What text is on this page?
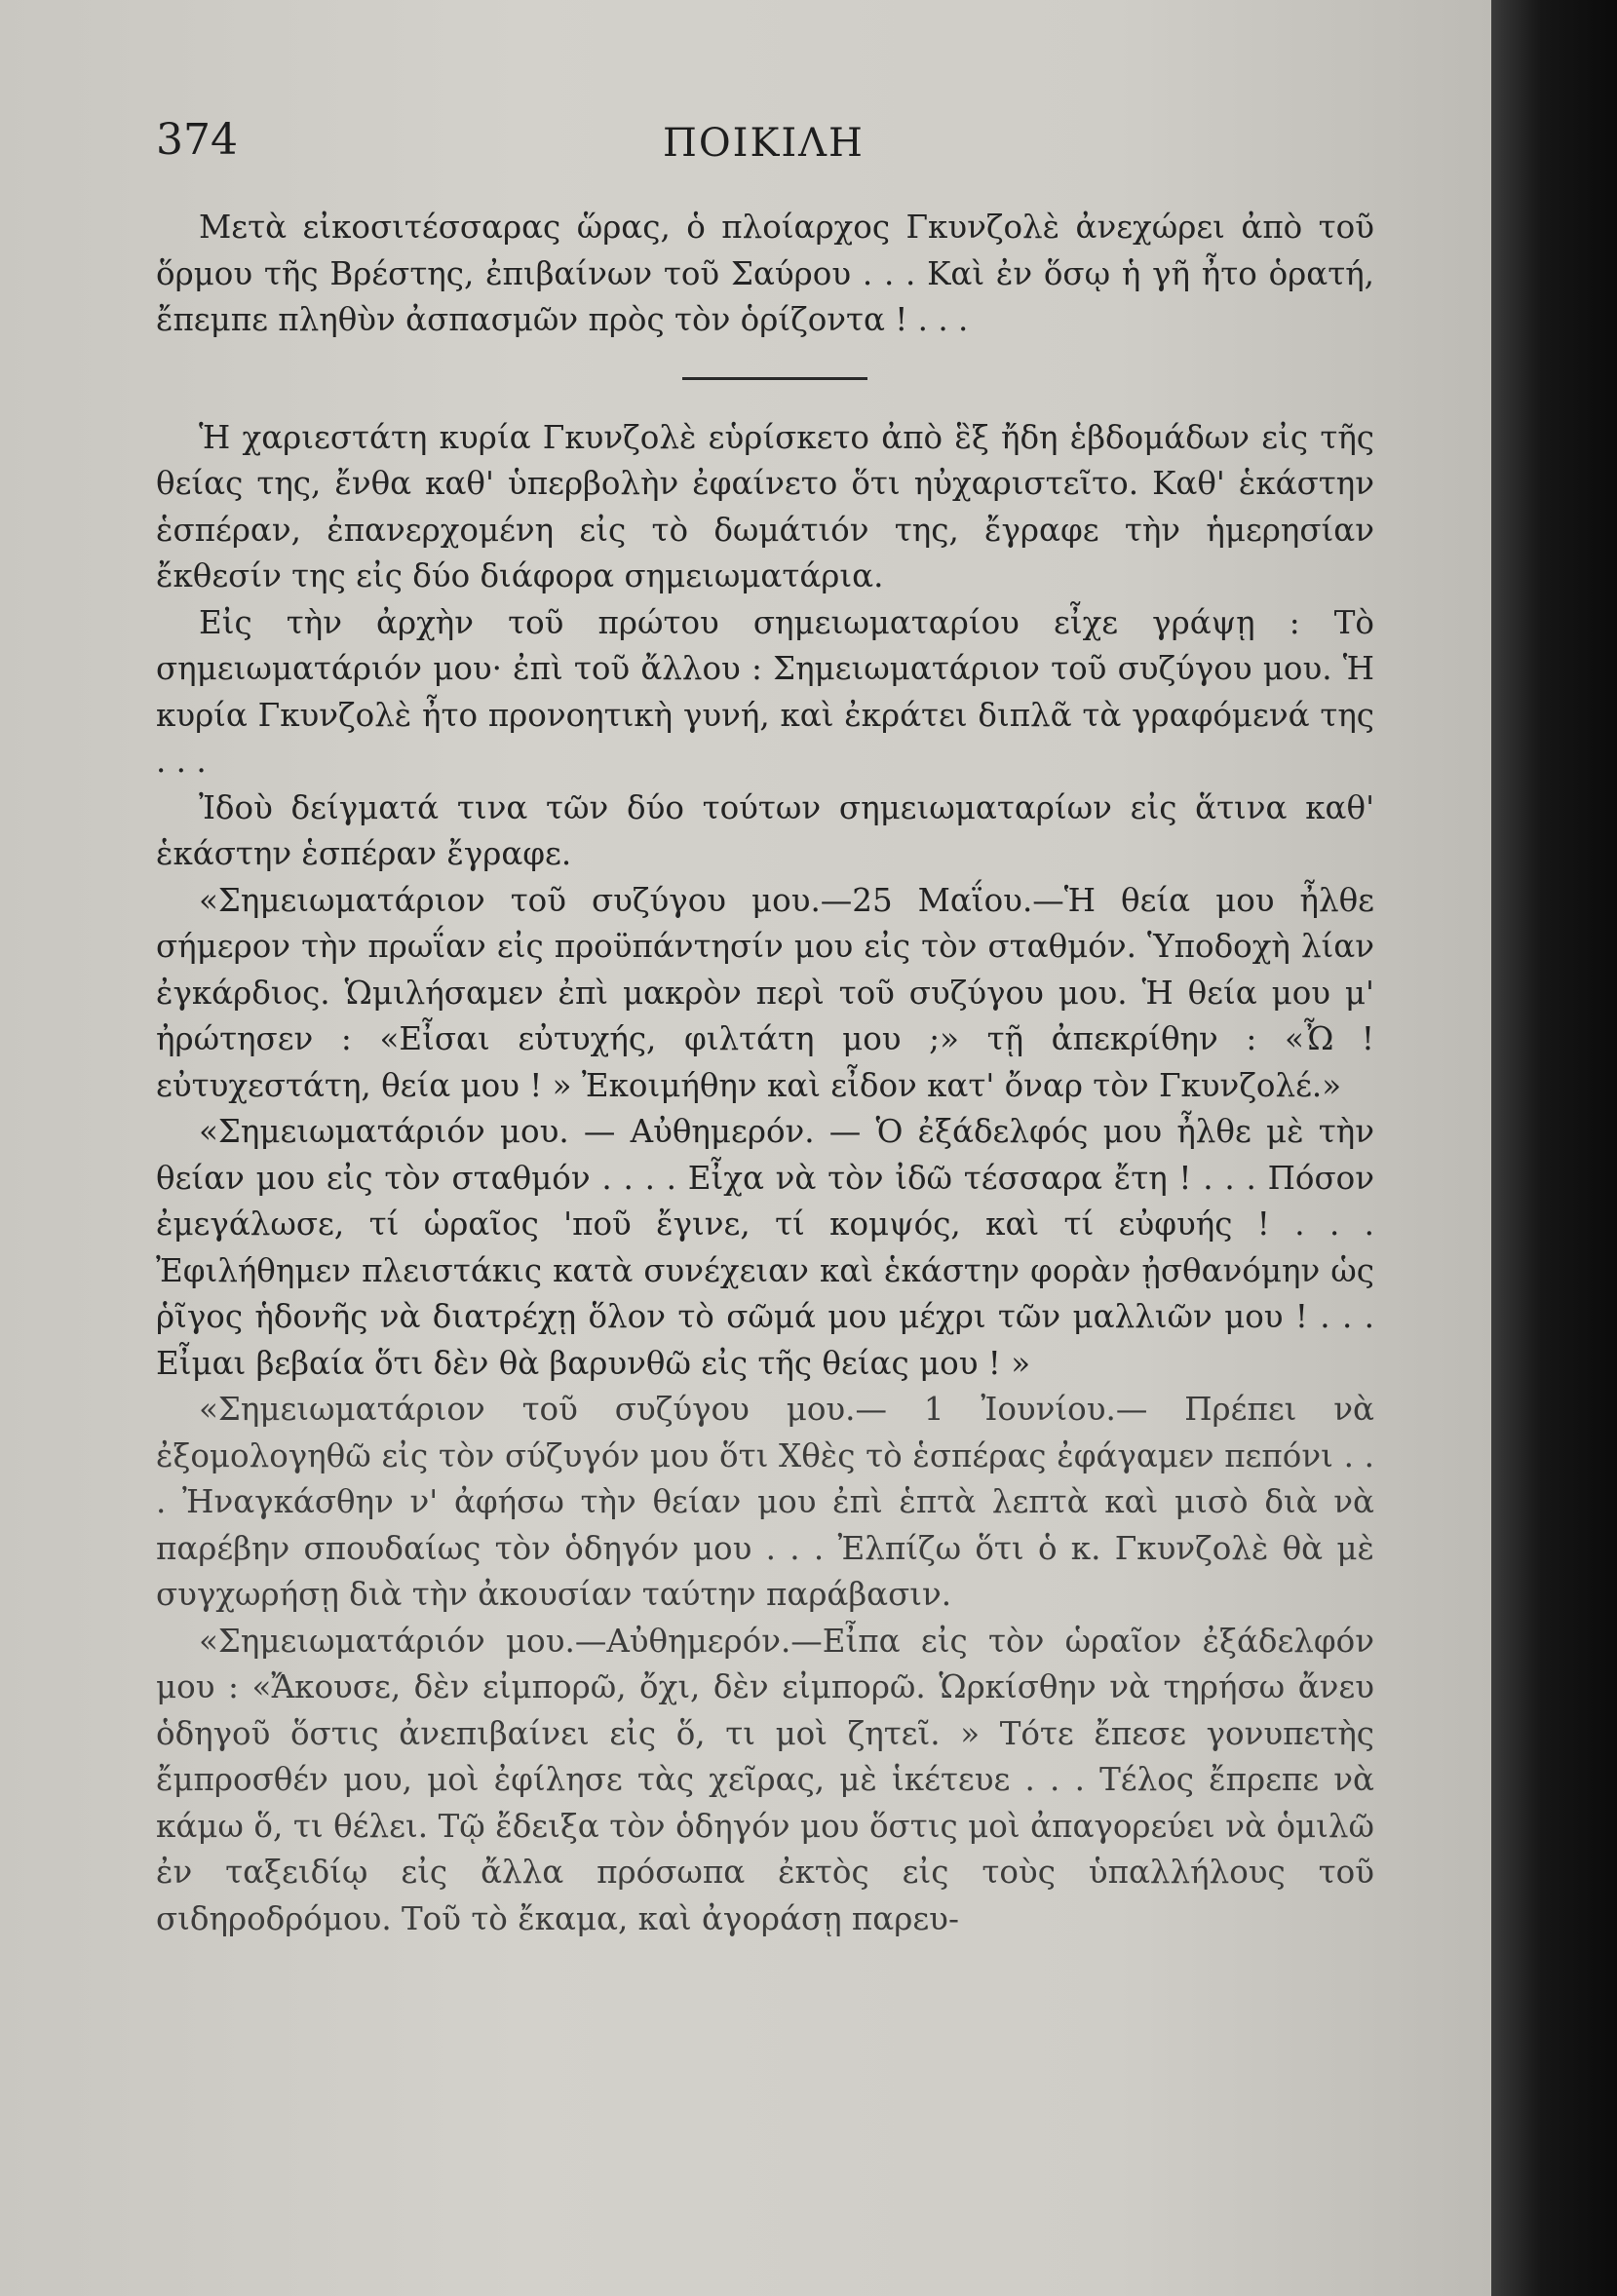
374	ΠΟΙΚΙΛΗ

Μετὰ εἰκοσιτέσσαρας ὥρας, ὁ πλοίαρχος Γκυνζολὲ ἀνεχώρει ἀπὸ τοῦ ὅρμου τῆς Βρέστης, ἐπιβαίνων τοῦ Σαύρου . . . Καὶ ἐν ὅσῳ ἡ γῆ ἦτο ὁρατή, ἔπεμπε πληθὺν ἀσπασμῶν πρὸς τὸν ὁρίζοντα ! . . .

Ἡ χαριεστάτη κυρία Γκυνζολὲ εὑρίσκετο ἀπὸ ἓξ ἤδη ἑβδομάδων εἰς τῆς θείας της, ἔνθα καθ' ὑπερβολὴν ἐφαίνετο ὅτι ηὐχαριστεῖτο. Καθ' ἑκάστην ἑσπέραν, ἐπανερχομένη εἰς τὸ δωμάτιόν της, ἔγραφε τὴν ἡμερησίαν ἔκθεσίν της εἰς δύο διάφορα σημειωματάρια.

Εἰς τὴν ἀρχὴν τοῦ πρώτου σημειωματαρίου εἶχε γράψῃ : Τὸ σημειωματάριόν μου· ἐπὶ τοῦ ἄλλου : Σημειωματάριον τοῦ συζύγου μου. Ἡ κυρία Γκυνζολὲ ἦτο προνοητικὴ γυνή, καὶ ἐκράτει διπλᾶ τὰ γραφόμενά της . . .

Ἰδοὺ δείγματά τινα τῶν δύο τούτων σημειωματαρίων εἰς ἅτινα καθ' ἑκάστην ἑσπέραν ἔγραφε.

«Σημειωματάριον τοῦ συζύγου μου.—25 Μαΐου.—Ἡ θεία μου ἦλθε σήμερον τὴν πρωΐαν εἰς προϋπάντησίν μου εἰς τὸν σταθμόν. Ὑποδοχὴ λίαν ἐγκάρδιος. Ὡμιλήσαμεν ἐπὶ μακρὸν περὶ τοῦ συζύγου μου. Ἡ θεία μου μ' ἠρώτησεν : «Εἶσαι εὐτυχής, φιλτάτη μου ;» τῇ ἀπεκρίθην : «Ὦ ! εὐτυχεστάτη, θεία μου ! » Ἐκοιμήθην καὶ εἶδον κατ' ὄναρ τὸν Γκυνζολέ.»

«Σημειωματάριόν μου. — Αὐθημερόν. — Ὁ ἐξάδελφός μου ἦλθε μὲ τὴν θείαν μου εἰς τὸν σταθμόν . . . . Εἶχα νὰ τὸν ἰδῶ τέσσαρα ἔτη ! . . . Πόσον ἐμεγάλωσε, τί ὡραῖος 'ποῦ ἔγινε, τί κομψός, καὶ τί εὐφυής ! . . . Ἐφιλήθημεν πλειστάκις κατὰ συνέχειαν καὶ ἑκάστην φορὰν ᾐσθανόμην ὡς ῥῖγος ἡδονῆς νὰ διατρέχῃ ὅλον τὸ σῶμά μου μέχρι τῶν μαλλιῶν μου ! . . . Εἶμαι βεβαία ὅτι δὲν θὰ βαρυνθῶ εἰς τῆς θείας μου ! »

«Σημειωματάριον τοῦ συζύγου μου.— 1 Ἰουνίου.— Πρέπει νὰ ἐξομολογηθῶ εἰς τὸν σύζυγόν μου ὅτι Χθὲς τὸ ἑσπέρας ἐφάγαμεν πεπόνι . . . Ἠναγκάσθην ν' ἀφήσω τὴν θείαν μου ἐπὶ ἑπτὰ λεπτὰ καὶ μισὸ διὰ νὰ παρέβην σπουδαίως τὸν ὁδηγόν μου . . . Ἐλπίζω ὅτι ὁ κ. Γκυνζολὲ θὰ μὲ συγχωρήσῃ διὰ τὴν ἀκουσίαν ταύτην παράβασιν.

«Σημειωματάριόν μου.—Αὐθημερόν.—Εἶπα εἰς τὸν ὡραῖον ἐξάδελφόν μου : «Ἄκουσε, δὲν εἰμπορῶ, ὄχι, δὲν εἰμπορῶ. Ὡρκίσθην νὰ τηρήσω ἄνευ ὁδηγοῦ ὅστις ἀνεπιβαίνει εἰς ὅ, τι μοὶ ζητεῖ. » Τότε ἔπεσε γονυπετὴς ἔμπροσθέν μου, μοὶ ἐφίλησε τὰς χεῖρας, μὲ ἱκέτευε . . . Τέλος ἔπρεπε νὰ κάμω ὅ, τι θέλει. Τῷ ἔδειξα τὸν ὁδηγόν μου ὅστις μοὶ ἀπαγορεύει νὰ ὁμιλῶ ἐν ταξειδίῳ εἰς ἄλλα πρόσωπα ἐκτὸς εἰς τοὺς ὑπαλλήλους τοῦ σιδηροδρόμου. Τοῦ τὸ ἔκαμα, καὶ ἀγοράσῃ παρευ-
